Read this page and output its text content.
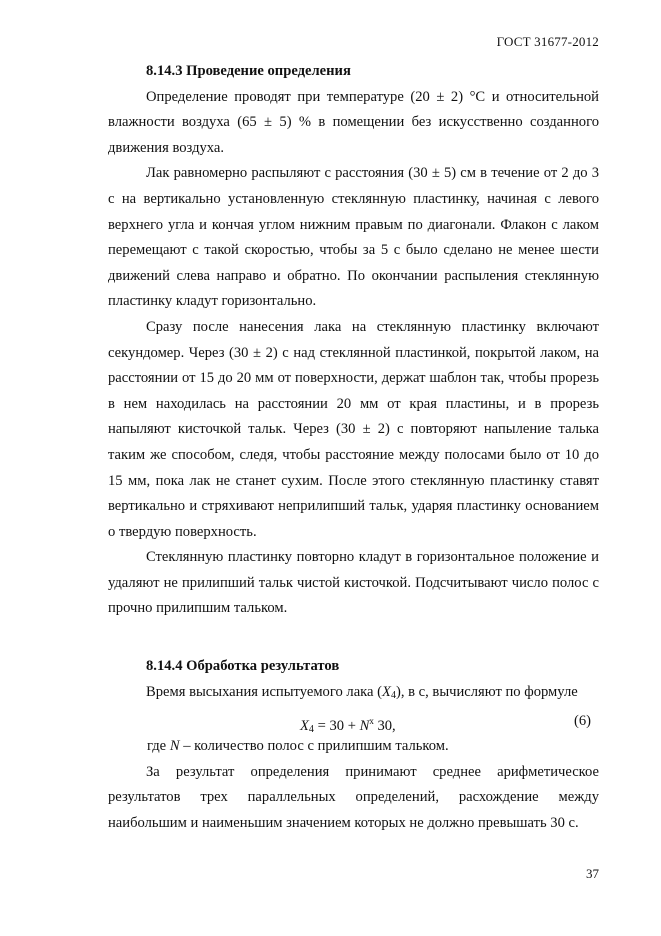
ГОСТ 31677-2012
8.14.3 Проведение определения

Определение проводят при температуре (20 ± 2) °С и относительной влажности воздуха (65 ± 5) % в помещении без искусственно созданного движения воздуха.

Лак равномерно распыляют с расстояния (30 ± 5) см в течение от 2 до 3 с на вертикально установленную стеклянную пластинку, начиная с левого верхнего угла и кончая углом нижним правым по диагонали. Флакон с лаком перемещают с такой скоростью, чтобы за 5 с было сделано не менее шести движений слева направо и обратно. По окончании распыления стеклянную пластинку кладут горизонтально.

Сразу после нанесения лака на стеклянную пластинку включают секундомер. Через (30 ± 2) с над стеклянной пластинкой, покрытой лаком, на расстоянии от 15 до 20 мм от поверхности, держат шаблон так, чтобы прорезь в нем находилась на расстоянии 20 мм от края пластины, и в прорезь напыляют кисточкой тальк. Через (30 ± 2) с повторяют напыление талька таким же способом, следя, чтобы расстояние между полосами было от 10 до 15 мм, пока лак не станет сухим. После этого стеклянную пластинку ставят вертикально и стряхивают неприлипший тальк, ударяя пластинку основанием о твердую поверхность.

Стеклянную пластинку повторно кладут в горизонтальное положение и удаляют не прилипший тальк чистой кисточкой. Подсчитывают число полос с прочно прилипшим тальком.

8.14.4 Обработка результатов

Время высыхания испытуемого лака $(X_4)$, в с, вычисляют по формуле

$X_4 = 30 + N^x$ 30,	(6)

где N – количество полос с прилипшим тальком.

За результат определения принимают среднее арифметическое результатов трех параллельных определений, расхождение между наибольшим и наименьшим значением которых не должно превышать 30 с.

37
